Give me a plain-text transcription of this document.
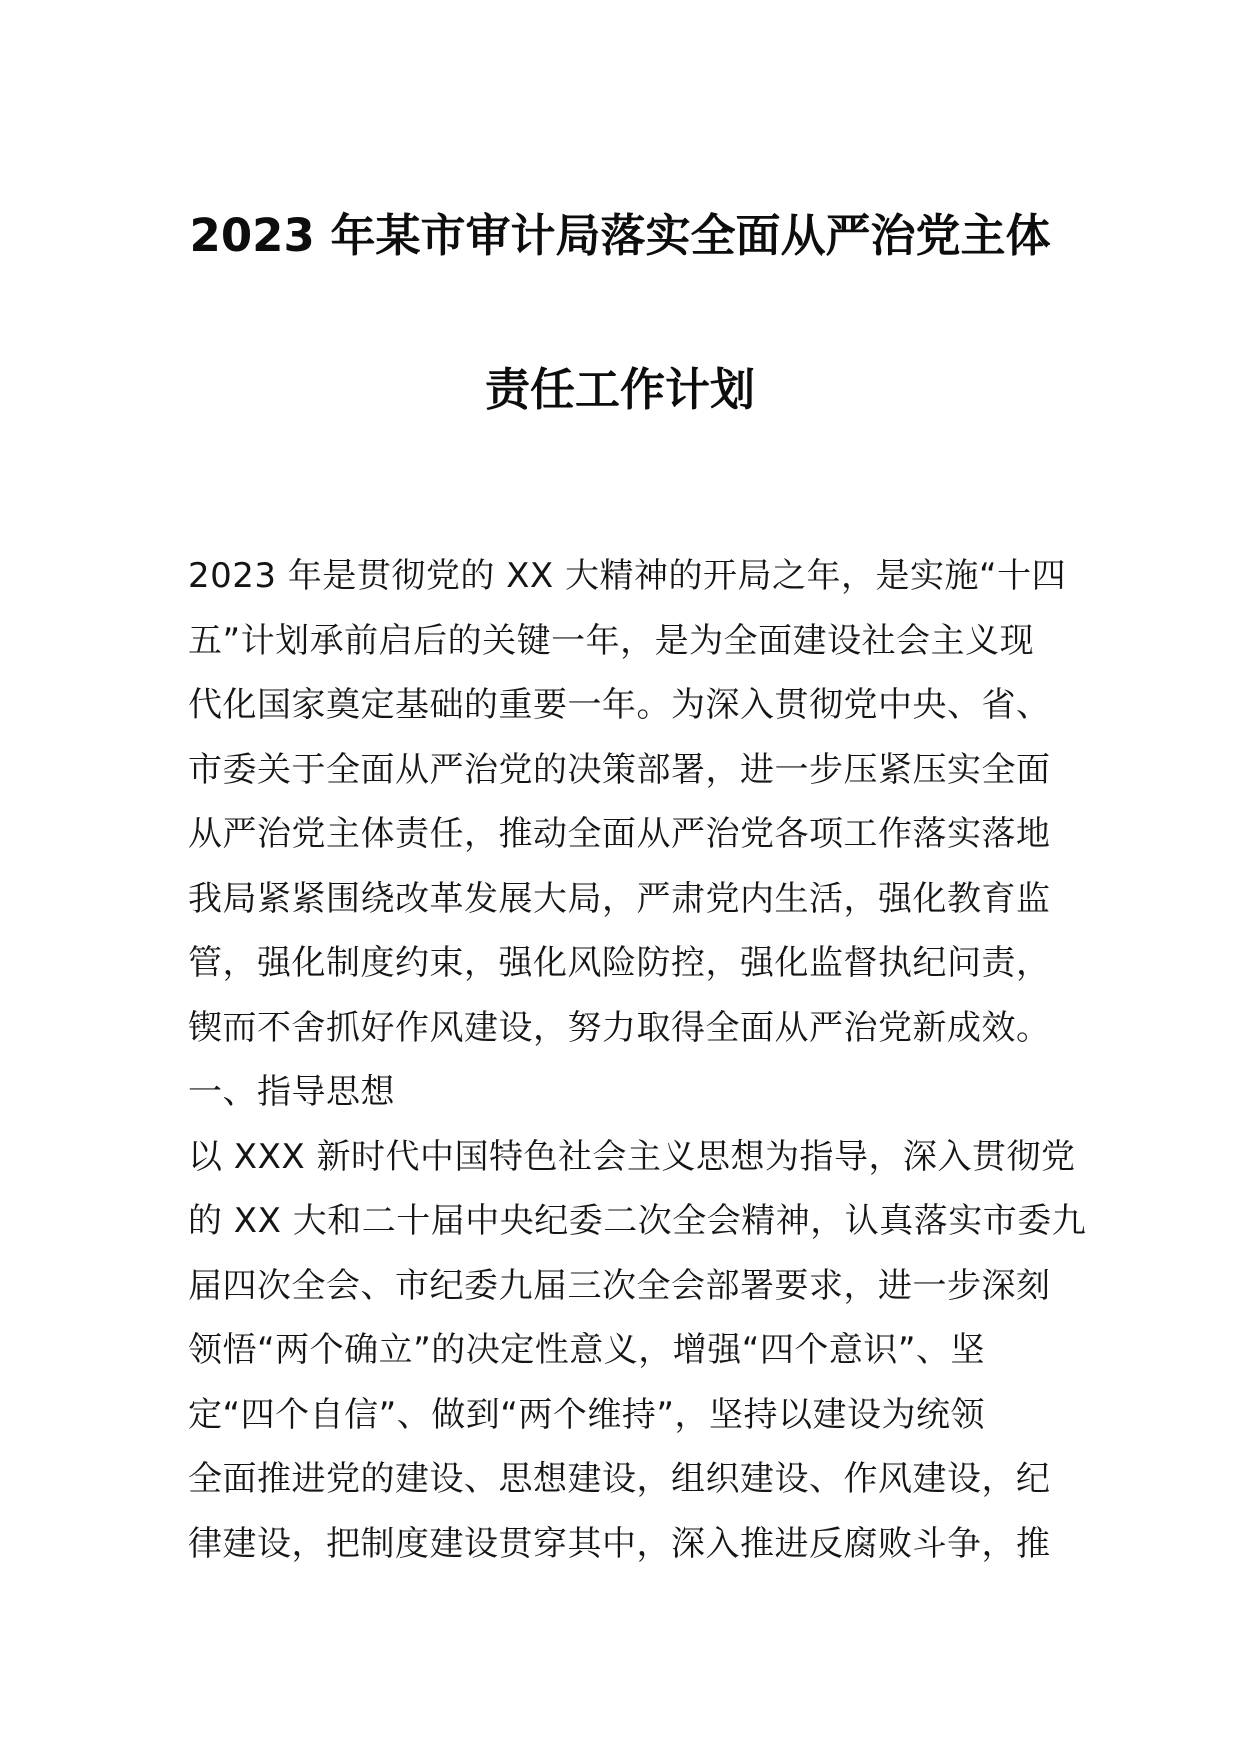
2023 年某市审计局落实全面从严治党主体
责任工作计划
2023 年是贯彻党的 XX 大精神的开局之年，是实施“十四
五”计划承前启后的关键一年，是为全面建设社会主义现
代化国家奠定基础的重要一年。为深入贯彻党中央、省、
市委关于全面从严治党的决策部署，进一步压紧压实全面
从严治党主体责任，推动全面从严治党各项工作落实落地
我局紧紧围绕改革发展大局，严肃党内生活，强化教育监
管，强化制度约束，强化风险防控，强化监督执纪问责，
锲而不舍抓好作风建设，努力取得全面从严治党新成效。
一、指导思想
以 XXX 新时代中国特色社会主义思想为指导，深入贯彻党
的 XX 大和二十届中央纪委二次全会精神，认真落实市委九
届四次全会、市纪委九届三次全会部署要求，进一步深刻
领悟“两个确立”的决定性意义，增强“四个意识”、坚
定“四个自信”、做到“两个维持”，坚持以建设为统领
全面推进党的建设、思想建设，组织建设、作风建设，纪
律建设，把制度建设贯穿其中，深入推进反腐败斗争，推
